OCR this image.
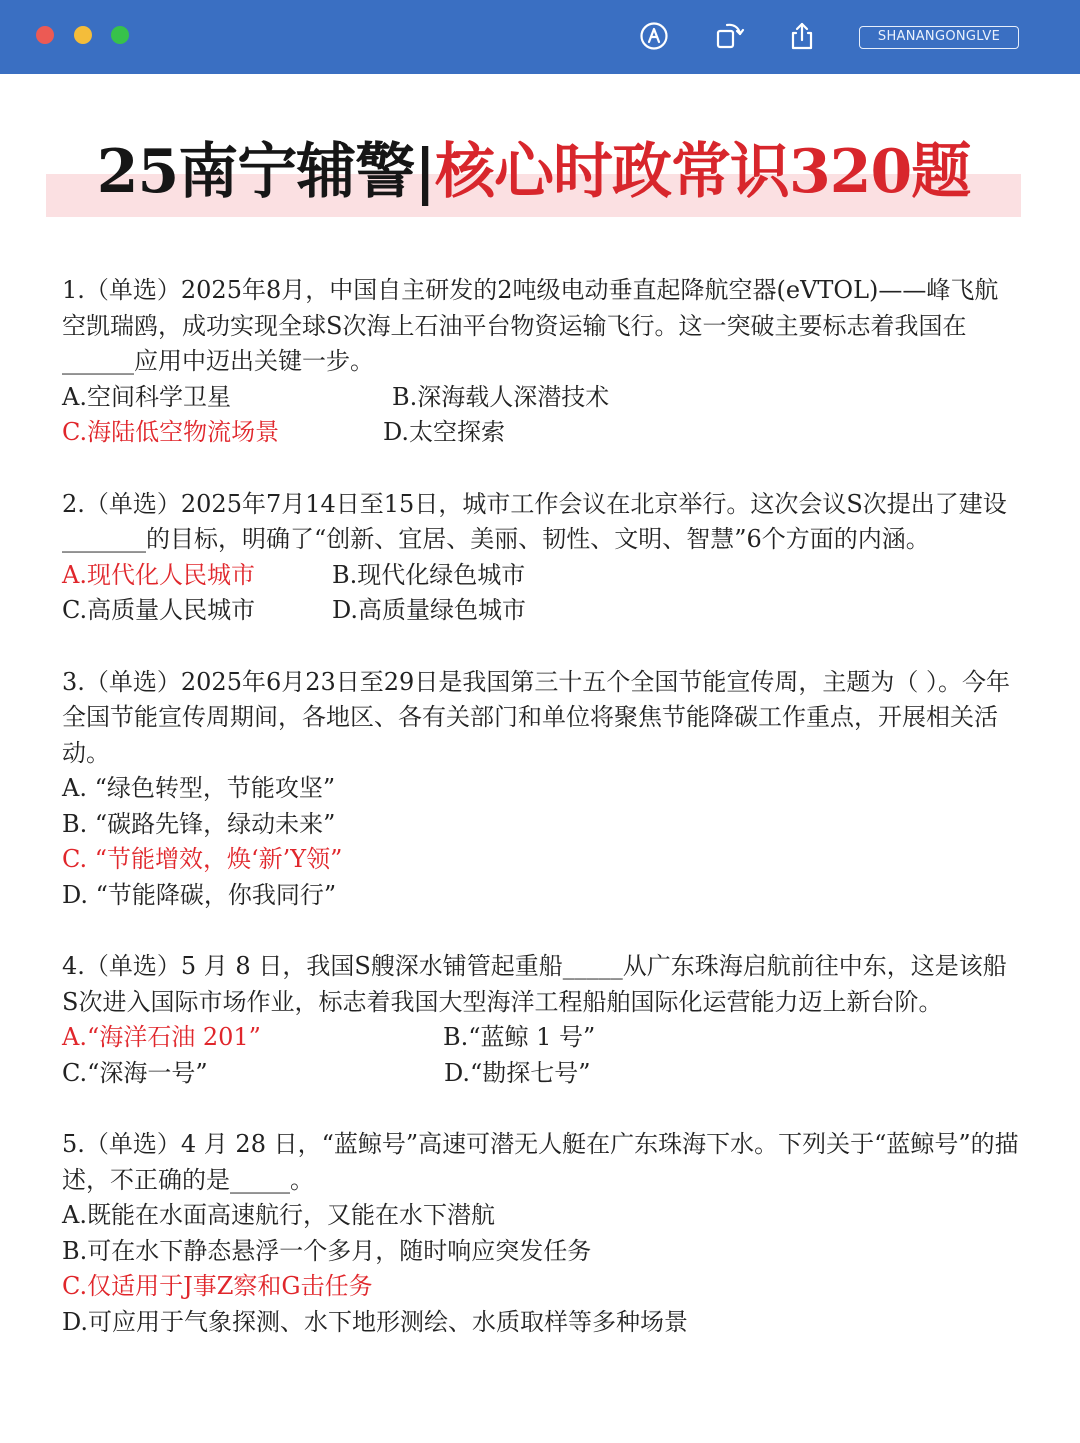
SHANANGONGLVE
25南宁辅警|核心时政常识320题

1.（单选）2025年8月，中国自主研发的2吨级电动垂直起降航空器(eVTOL)——峰飞航空凯瑞鸥，成功实现全球S次海上石油平台物资运输飞行。这一突破主要标志着我国在______应用中迈出关键一步。

A.空间科学卫星	B.深海载人深潜技术
C.海陆低空物流场景	D.太空探索

2.（单选）2025年7月14日至15日，城市工作会议在北京举行。这次会议S次提出了建设_______的目标，明确了“创新、宜居、美丽、韧性、文明、智慧”6个方面的内涵。

A.现代化人民城市	B.现代化绿色城市
C.高质量人民城市	D.高质量绿色城市

3.（单选）2025年6月23日至29日是我国第三十五个全国节能宣传周，主题为（ ）。今年全国节能宣传周期间，各地区、各有关部门和单位将聚焦节能降碳工作重点，开展相关活动。

A. “绿色转型，节能攻坚”
B. “碳路先锋，绿动未来”
C. “节能增效，焕‘新’Y领”
D. “节能降碳，你我同行”

4.（单选）5 月 8 日，我国S艘深水铺管起重船_____从广东珠海启航前往中东，这是该船S次进入国际市场作业，标志着我国大型海洋工程船舶国际化运营能力迈上新台阶。

A.“海洋石油 201”	B.“蓝鲸 1 号”
C.“深海一号”	D.“勘探七号”

5.（单选）4 月 28 日，“蓝鲸号”高速可潜无人艇在广东珠海下水。下列关于“蓝鲸号”的描述，不正确的是_____。

A.既能在水面高速航行，又能在水下潜航
B.可在水下静态悬浮一个多月，随时响应突发任务
C.仅适用于J事Z察和G击任务
D.可应用于气象探测、水下地形测绘、水质取样等多种场景
